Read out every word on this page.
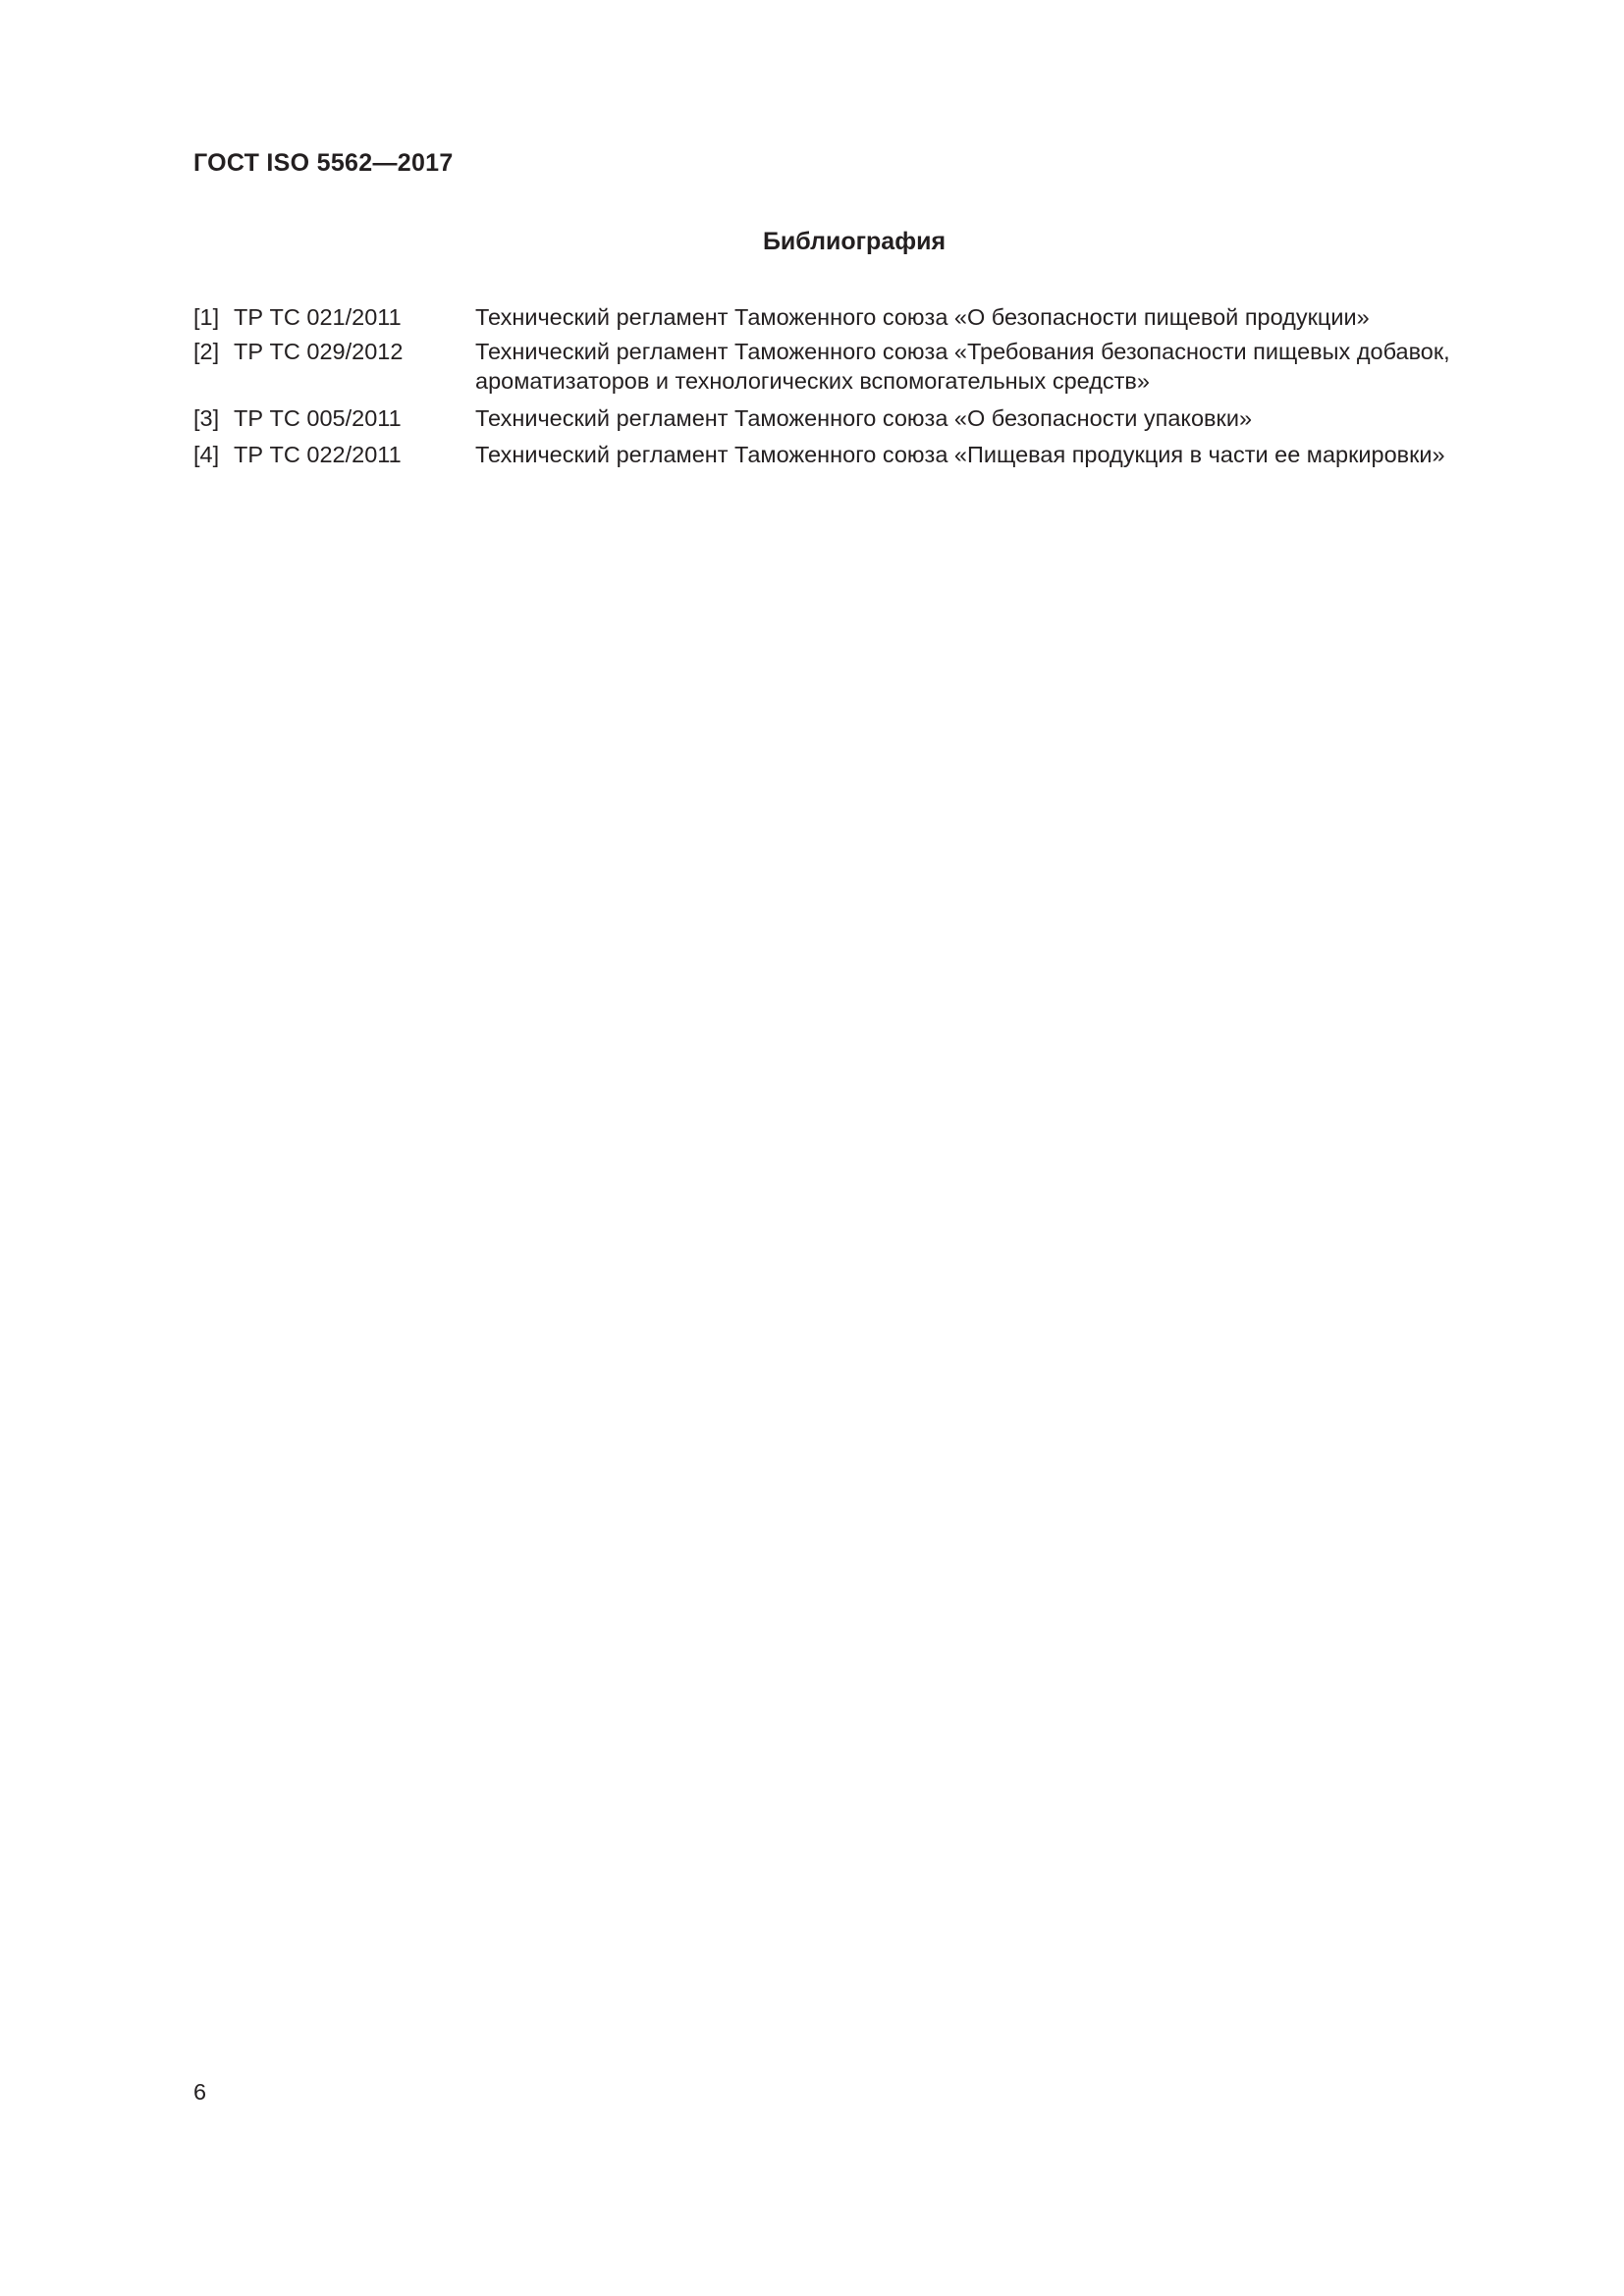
ГОСТ ISO 5562—2017
Библиография
[1] ТР ТС 021/2011	Технический регламент Таможенного союза «О безопасности пищевой продукции»
[2] ТР ТС 029/2012	Технический регламент Таможенного союза «Требования безопасности пищевых добавок,
ароматизаторов и технологических вспомогательных средств»
[3] ТР ТС 005/2011	Технический регламент Таможенного союза «О безопасности упаковки»
[4] ТР ТС 022/2011	Технический регламент Таможенного союза «Пищевая продукция в части ее маркировки»
6
